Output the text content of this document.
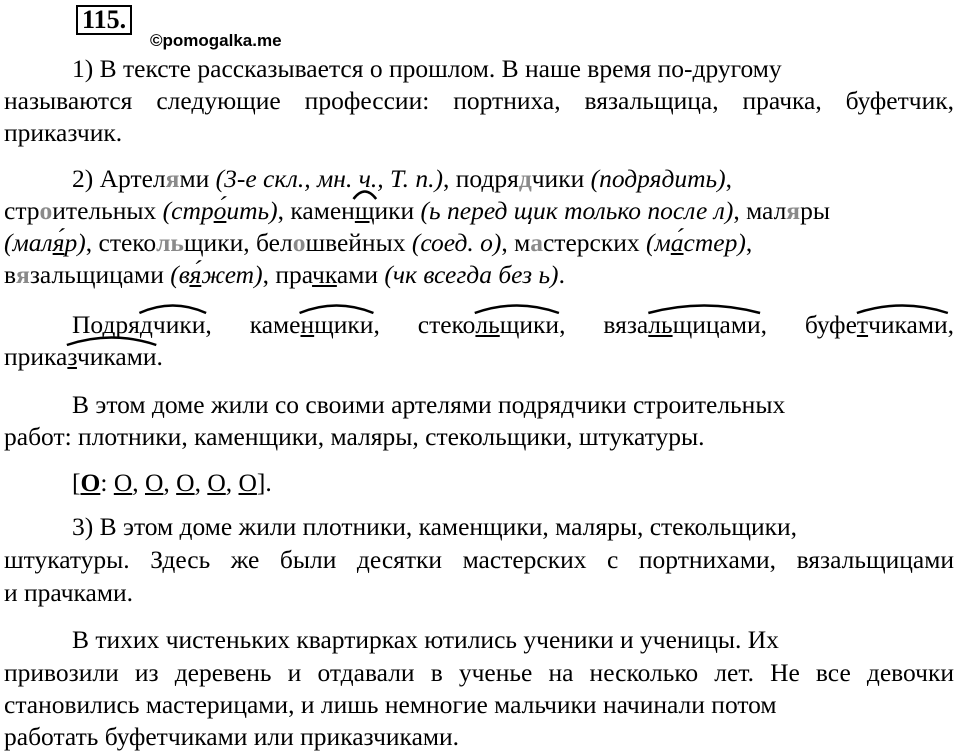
115.
©pomogalka.me
1) В тексте рассказывается о прошлом. В наше время по-другому
называются следующие профессии: портниха, вязальщица, прачка, буфетчик,
приказчик.
2) Артелями (3-е скл., мн. ч., Т. п.), подрядчики (подрядить),
строительных (стро́ить), камен
щики (ь перед щик только после л), маляры
(маля́р), стекольщики, белошвейных (соед. о), мастерских (ма́стер),
вязальщицами (вя́жет), прачками (чк всегда без ь).
Подря
дчики, каме
нщики, стеко
льщики, вяза
льщицами, буфе
тчиками,
прика
зчиками.
В этом доме жили со своими артелями подрядчики строительных
работ: плотники, каменщики, маляры, стекольщики, штукатуры.
[О: О, О, О, О, О].
3) В этом доме жили плотники, каменщики, маляры, стекольщики,
штукатуры. Здесь же были десятки мастерских с портнихами, вязальщицами
и прачками.
В тихих чистеньких квартирках ютились ученики и ученицы. Их
привозили из деревень и отдавали в ученье на несколько лет. Не все девочки
становились мастерицами, и лишь немногие мальчики начинали потом
работать буфетчиками или приказчиками.
